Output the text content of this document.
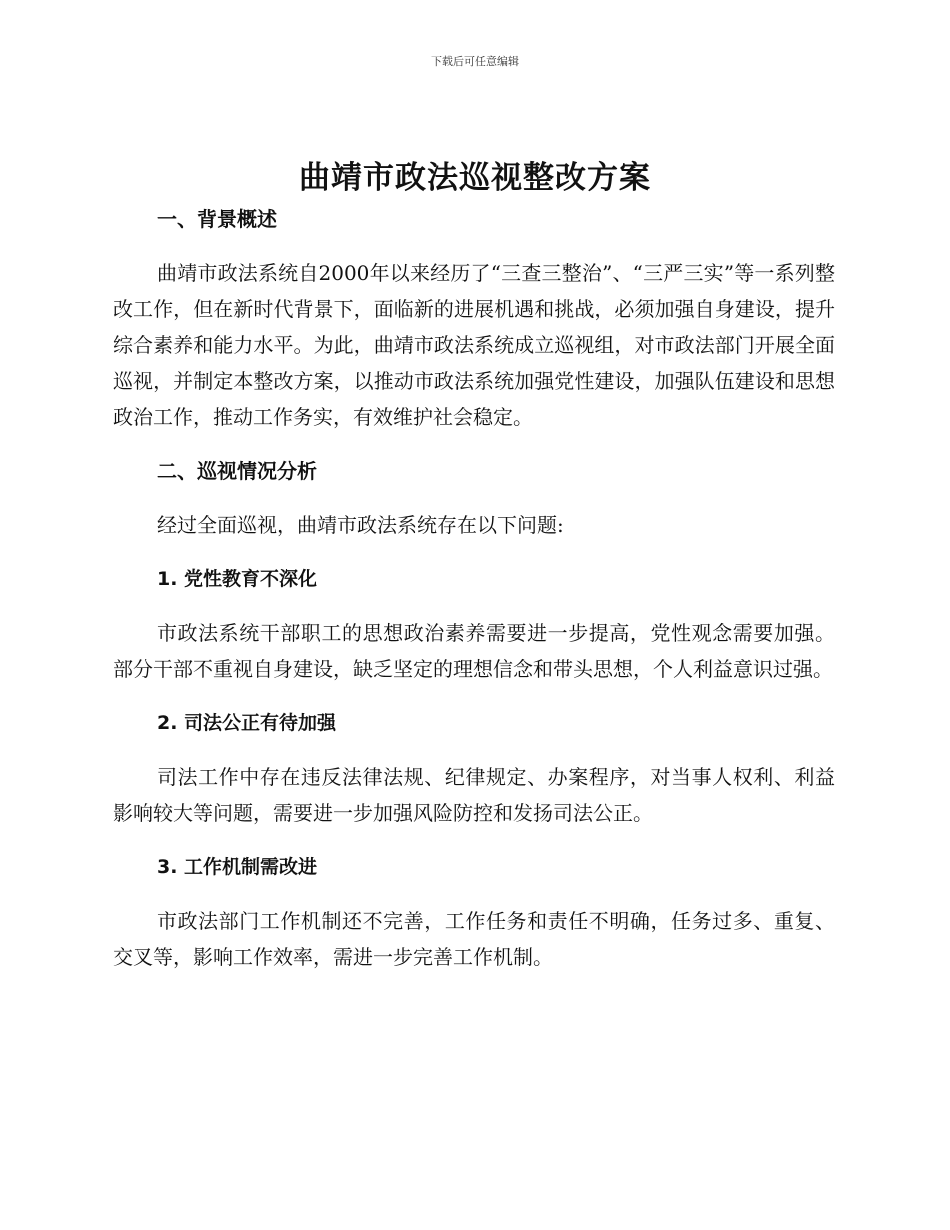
下载后可任意编辑
曲靖市政法巡视整改方案
一、背景概述

曲靖市政法系统自2000年以来经历了“三查三整治”、“三严三实”等一系列整改工作，但在新时代背景下，面临新的进展机遇和挑战，必须加强自身建设，提升综合素养和能力水平。为此，曲靖市政法系统成立巡视组，对市政法部门开展全面巡视，并制定本整改方案，以推动市政法系统加强党性建设，加强队伍建设和思想政治工作，推动工作务实，有效维护社会稳定。

二、巡视情况分析

经过全面巡视，曲靖市政法系统存在以下问题:

1. 党性教育不深化

市政法系统干部职工的思想政治素养需要进一步提高，党性观念需要加强。部分干部不重视自身建设，缺乏坚定的理想信念和带头思想，个人利益意识过强。

2. 司法公正有待加强

司法工作中存在违反法律法规、纪律规定、办案程序，对当事人权利、利益影响较大等问题，需要进一步加强风险防控和发扬司法公正。

3. 工作机制需改进

市政法部门工作机制还不完善，工作任务和责任不明确，任务过多、重复、交叉等，影响工作效率，需进一步完善工作机制。
